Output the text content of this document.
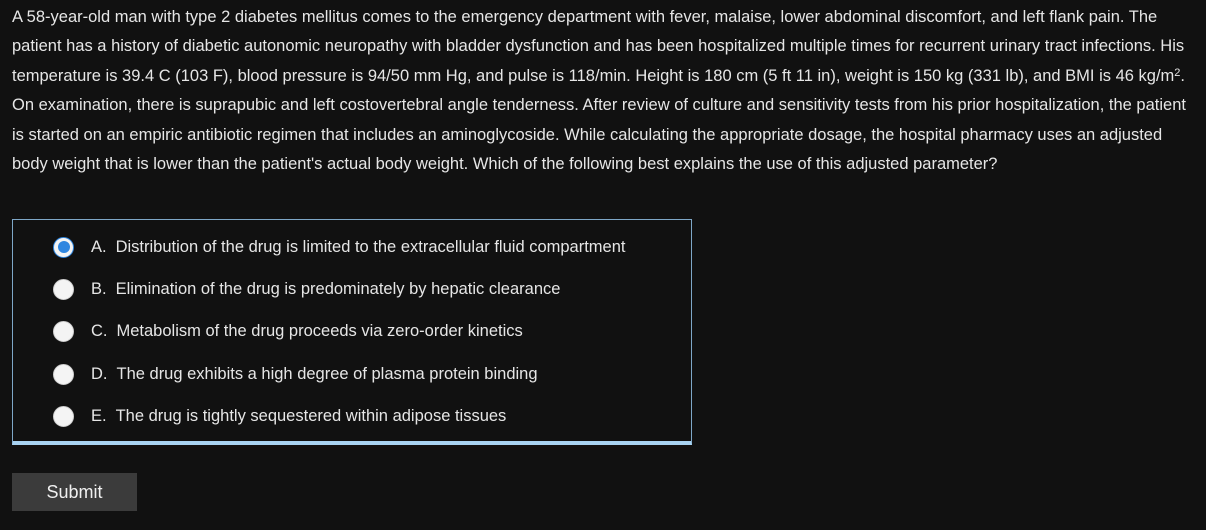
A 58-year-old man with type 2 diabetes mellitus comes to the emergency department with fever, malaise, lower abdominal discomfort, and left flank pain. The patient has a history of diabetic autonomic neuropathy with bladder dysfunction and has been hospitalized multiple times for recurrent urinary tract infections. His temperature is 39.4 C (103 F), blood pressure is 94/50 mm Hg, and pulse is 118/min. Height is 180 cm (5 ft 11 in), weight is 150 kg (331 lb), and BMI is 46 $kg/m^2$. On examination, there is suprapubic and left costovertebral angle tenderness. After review of culture and sensitivity tests from his prior hospitalization, the patient is started on an empiric antibiotic regimen that includes an aminoglycoside. While calculating the appropriate dosage, the hospital pharmacy uses an adjusted body weight that is lower than the patient's actual body weight. Which of the following best explains the use of this adjusted parameter?
A. Distribution of the drug is limited to the extracellular fluid compartment
B. Elimination of the drug is predominately by hepatic clearance
C. Metabolism of the drug proceeds via zero-order kinetics
D. The drug exhibits a high degree of plasma protein binding
E. The drug is tightly sequestered within adipose tissues
Submit
